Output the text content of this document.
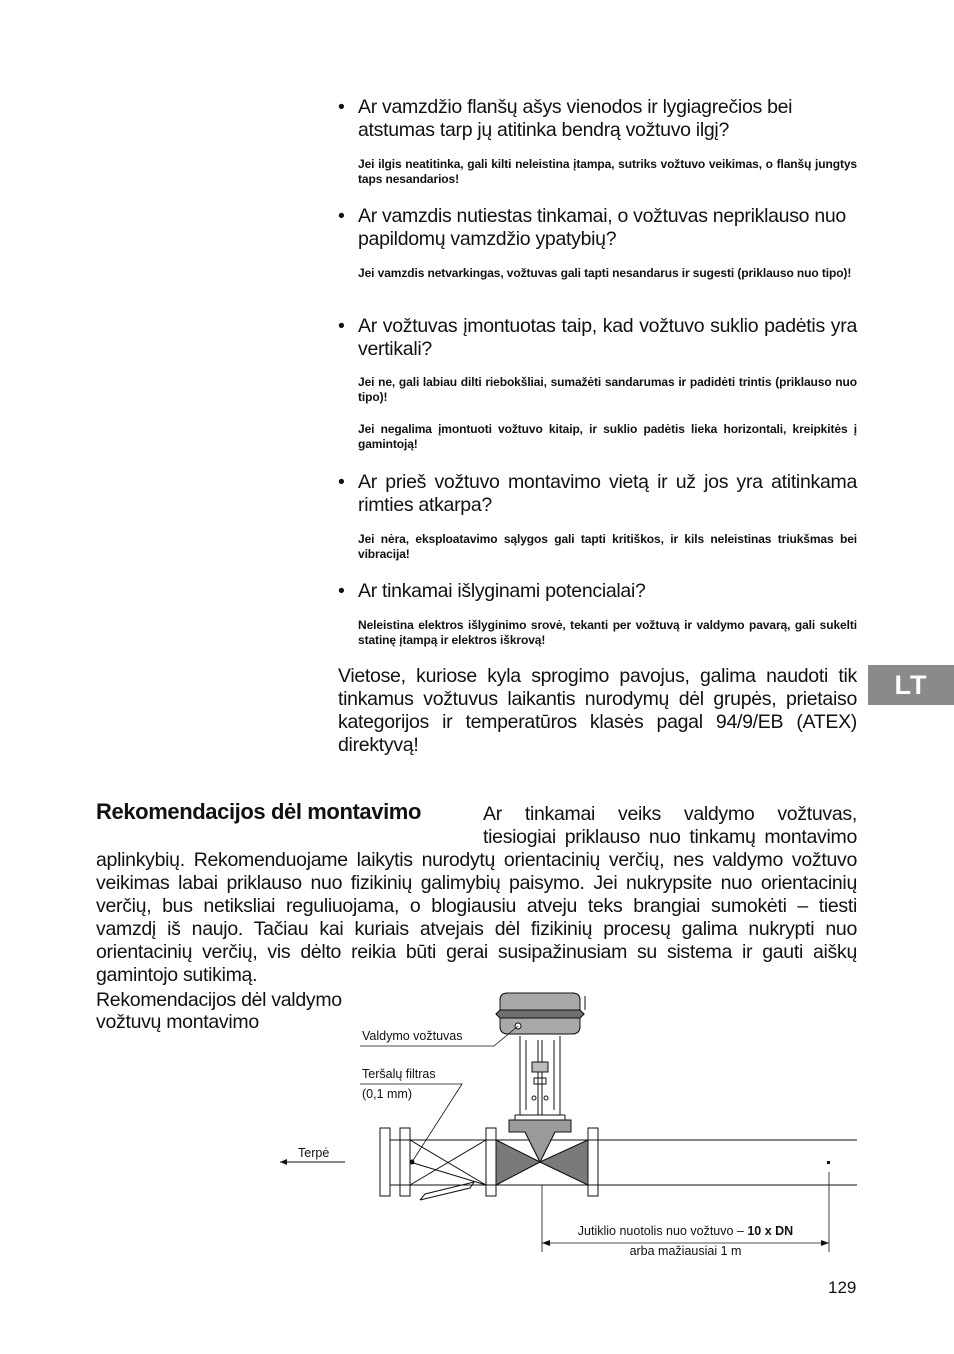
• Ar vamzdžio flanšų ašys vienodos ir lygiagrečios bei atstumas tarp jų atitinka bendrą vožtuvo ilgį?
Jei ilgis neatitinka, gali kilti neleistina įtampa, sutriks vožtuvo veikimas, o flanšų jungtys taps nesandarios!
• Ar vamzdis nutiestas tinkamai, o vožtuvas nepriklauso nuo papildomų vamzdžio ypatybių?
Jei vamzdis netvarkingas, vožtuvas gali tapti nesandarus ir sugesti (priklauso nuo tipo)!
• Ar vožtuvas įmontuotas taip, kad vožtuvo suklio padėtis yra vertikali?
Jei ne, gali labiau dilti riebokšliai, sumažėti sandarumas ir padidėti trintis (priklauso nuo tipo)!
Jei negalima įmontuoti vožtuvo kitaip, ir suklio padėtis lieka horizontali, kreipkitės į gamintoją!
• Ar prieš vožtuvo montavimo vietą ir už jos yra atitinkama rimties atkarpa?
Jei nėra, eksploatavimo sąlygos gali tapti kritiškos, ir kils neleistinas triukšmas bei vibracija!
• Ar tinkamai išlyginami potencialai?
Neleistina elektros išlyginimo srovė, tekanti per vožtuvą ir valdymo pavarą, gali sukelti statinę įtampą ir elektros iškrovą!
Vietose, kuriose kyla sprogimo pavojus, galima naudoti tik tinkamus vožtuvus laikantis nurodymų dėl grupės, prietaiso kategorijos ir temperatūros klasės pagal 94/9/EB (ATEX) direktyvą!
LT
Rekomendacijos dėl montavimo	Ar tinkamai veiks valdymo vožtuvas, tiesiogiai priklauso nuo tinkamų montavimo
aplinkybių. Rekomenduojame laikytis nurodytų orientacinių verčių, nes valdymo vožtuvo veikimas labai priklauso nuo fizikinių galimybių paisymo. Jei nukrypsite nuo orientacinių verčių, bus netiksliai reguliuojama, o blogiausiu atveju teks brangiai sumokėti – tiesti vamzdį iš naujo. Tačiau kai kuriais atvejais dėl fizikinių procesų galima nukrypti nuo orientacinių verčių, vis dėlto reikia būti gerai susipažinusiam su sistema ir gauti aiškų gamintojo sutikimą.
Rekomendacijos dėl valdymo
vožtuvų montavimo
Valdymo vožtuvas
Teršalų filtras
(0,1 mm)
Terpė
Jutiklio nuotolis nuo vožtuvo – 10 x DN
arba mažiausiai 1 m
129
